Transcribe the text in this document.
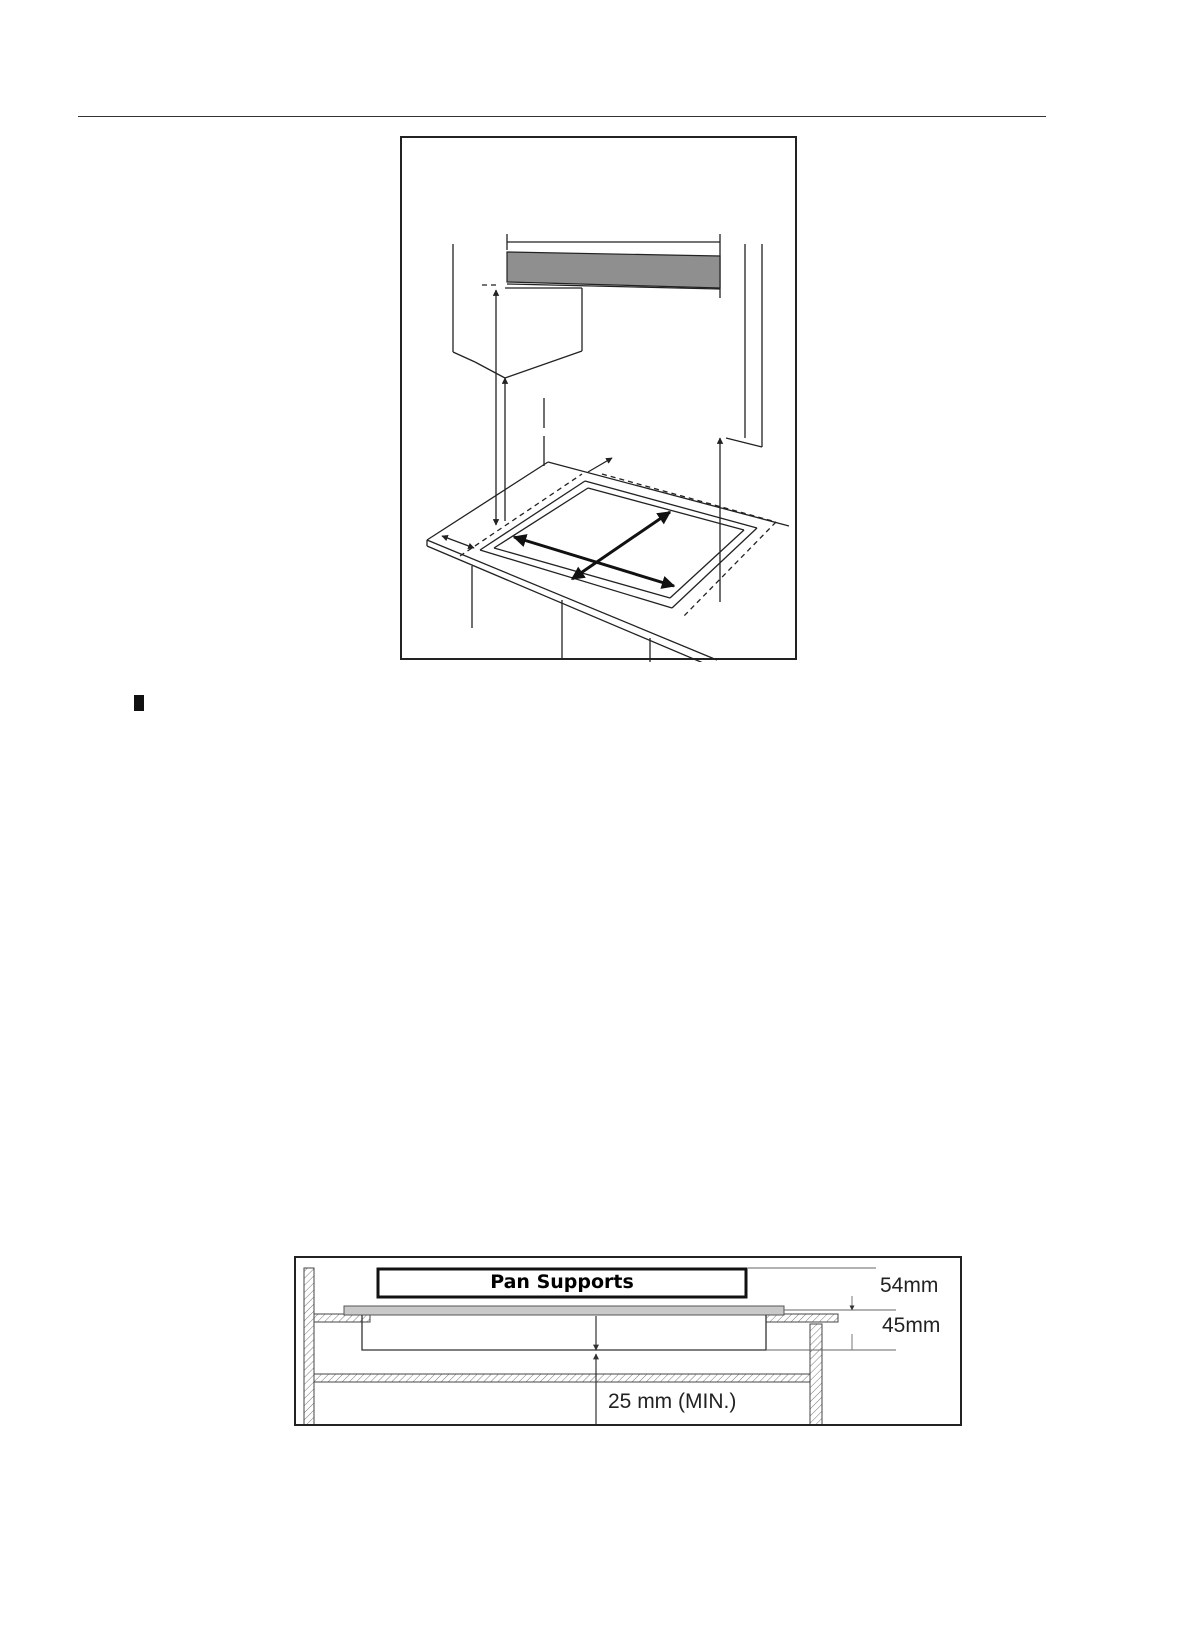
Pan Supports	54mm
45mm
25 mm (MIN.)
